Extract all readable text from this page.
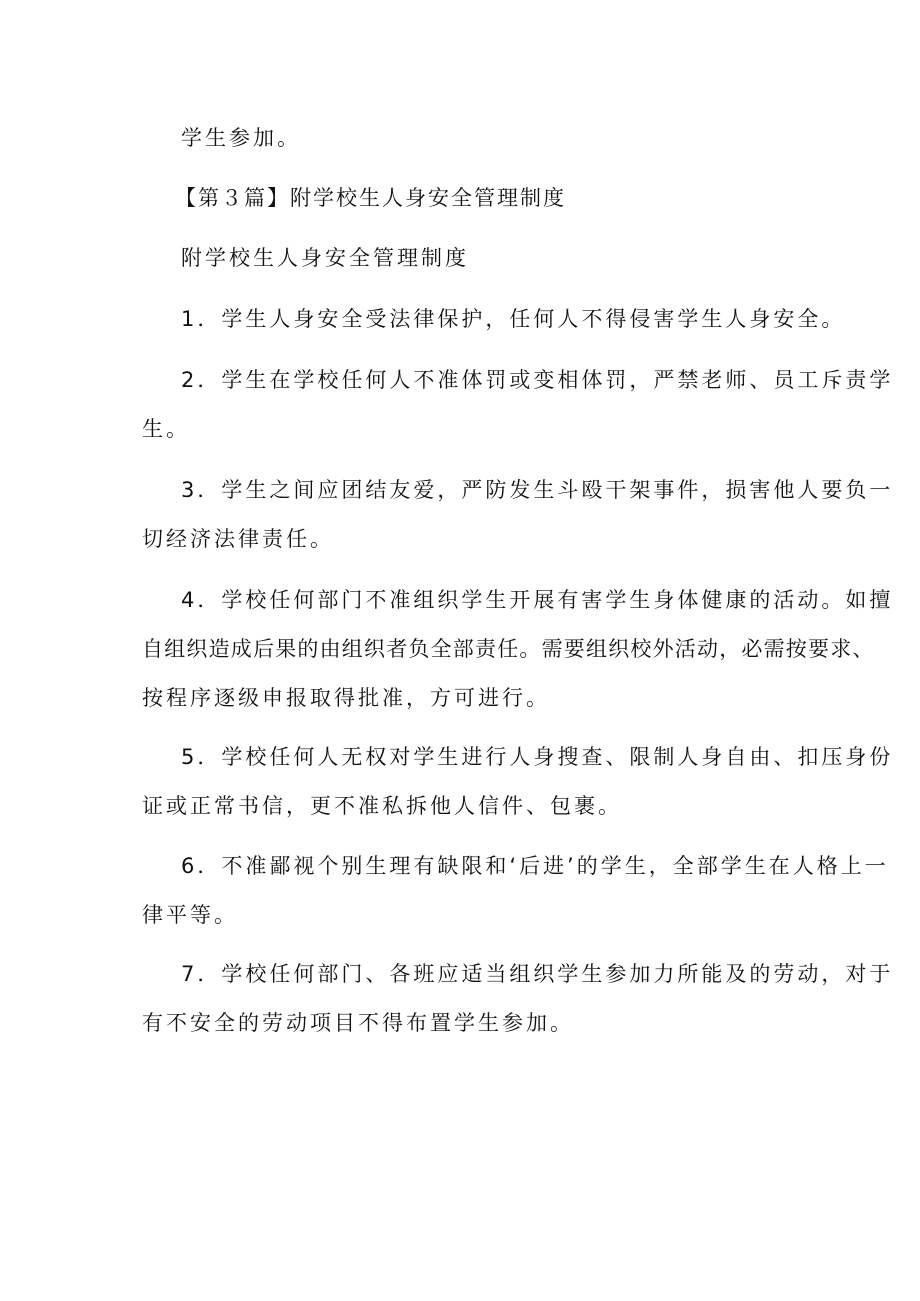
学生参加。
【第３篇】附学校生人身安全管理制度
附学校生人身安全管理制度
1．学生人身安全受法律保护，任何人不得侵害学生人身安全。
2．学生在学校任何人不准体罚或变相体罚，严禁老师、员工斥责学
生。
3．学生之间应团结友爱，严防发生斗殴干架事件，损害他人要负一
切经济法律责任。
4．学校任何部门不准组织学生开展有害学生身体健康的活动。如擅
自组织造成后果的由组织者负全部责任。需要组织校外活动，必需按要求、
按程序逐级申报取得批准，方可进行。
5．学校任何人无权对学生进行人身搜查、限制人身自由、扣压身份
证或正常书信，更不准私拆他人信件、包裹。
6．不准鄙视个别生理有缺限和‘后进’的学生，全部学生在人格上一
律平等。
7．学校任何部门、各班应适当组织学生参加力所能及的劳动，对于
有不安全的劳动项目不得布置学生参加。
